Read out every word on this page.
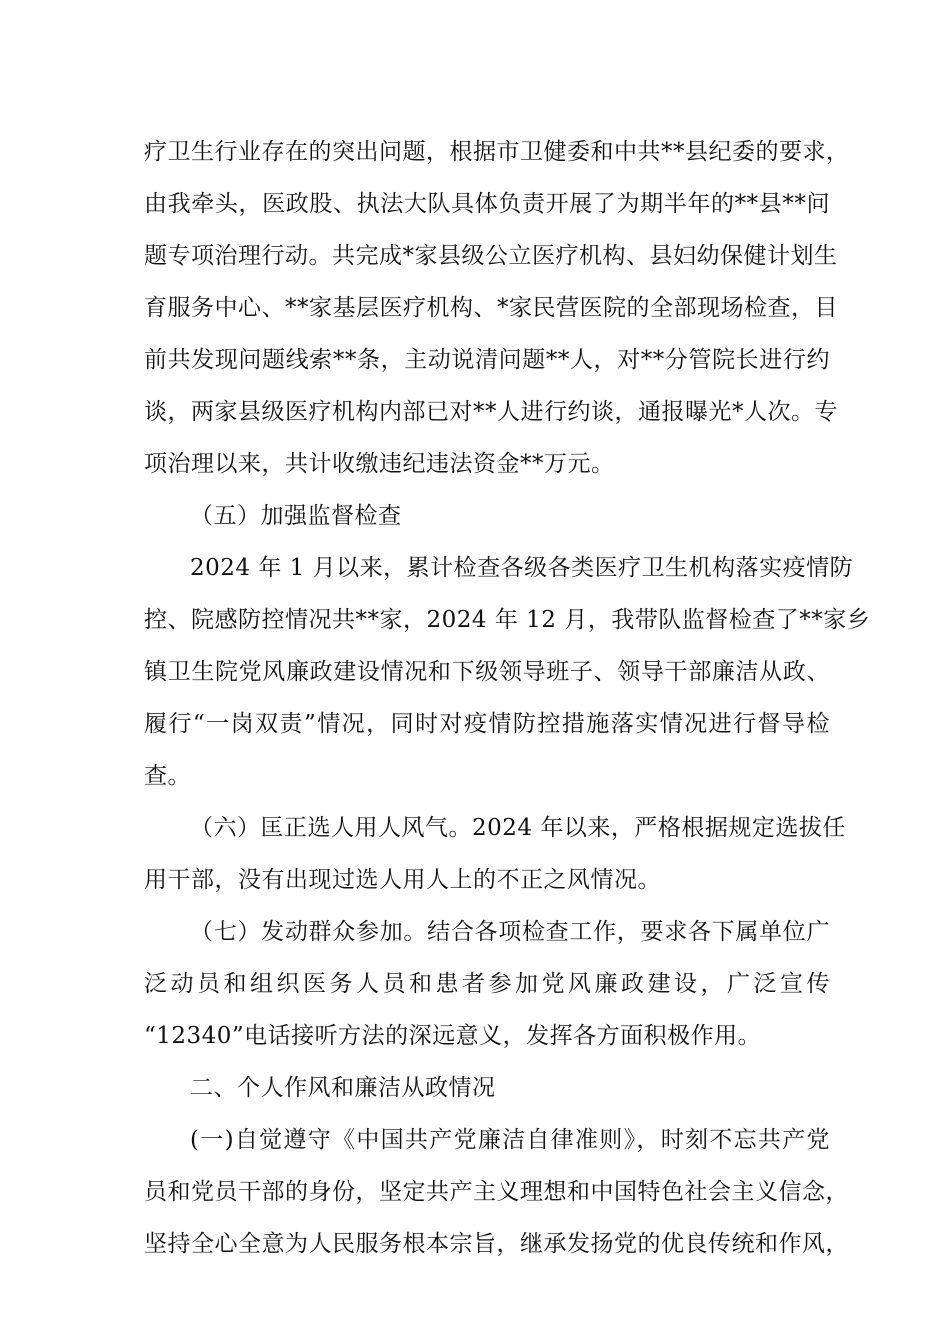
疗卫生行业存在的突出问题，根据市卫健委和中共**县纪委的要求，
由我牵头，医政股、执法大队具体负责开展了为期半年的**县**问
题专项治理行动。共完成*家县级公立医疗机构、县妇幼保健计划生
育服务中心、**家基层医疗机构、*家民营医院的全部现场检查，目
前共发现问题线索**条，主动说清问题**人，对**分管院长进行约
谈，两家县级医疗机构内部已对**人进行约谈，通报曝光*人次。专
项治理以来，共计收缴违纪违法资金**万元。
（五）加强监督检查
2024 年 1 月以来，累计检查各级各类医疗卫生机构落实疫情防
控、院感防控情况共**家，2024 年 12 月，我带队监督检查了**家乡
镇卫生院党风廉政建设情况和下级领导班子、领导干部廉洁从政、
履行“一岗双责”情况，同时对疫情防控措施落实情况进行督导检
查。
（六）匡正选人用人风气。2024 年以来，严格根据规定选拔任
用干部，没有出现过选人用人上的不正之风情况。
（七）发动群众参加。结合各项检查工作，要求各下属单位广
泛动员和组织医务人员和患者参加党风廉政建设，广泛宣传
“12340”电话接听方法的深远意义，发挥各方面积极作用。
二、个人作风和廉洁从政情况
(一)自觉遵守《中国共产党廉洁自律准则》，时刻不忘共产党
员和党员干部的身份，坚定共产主义理想和中国特色社会主义信念，
坚持全心全意为人民服务根本宗旨，继承发扬党的优良传统和作风，
